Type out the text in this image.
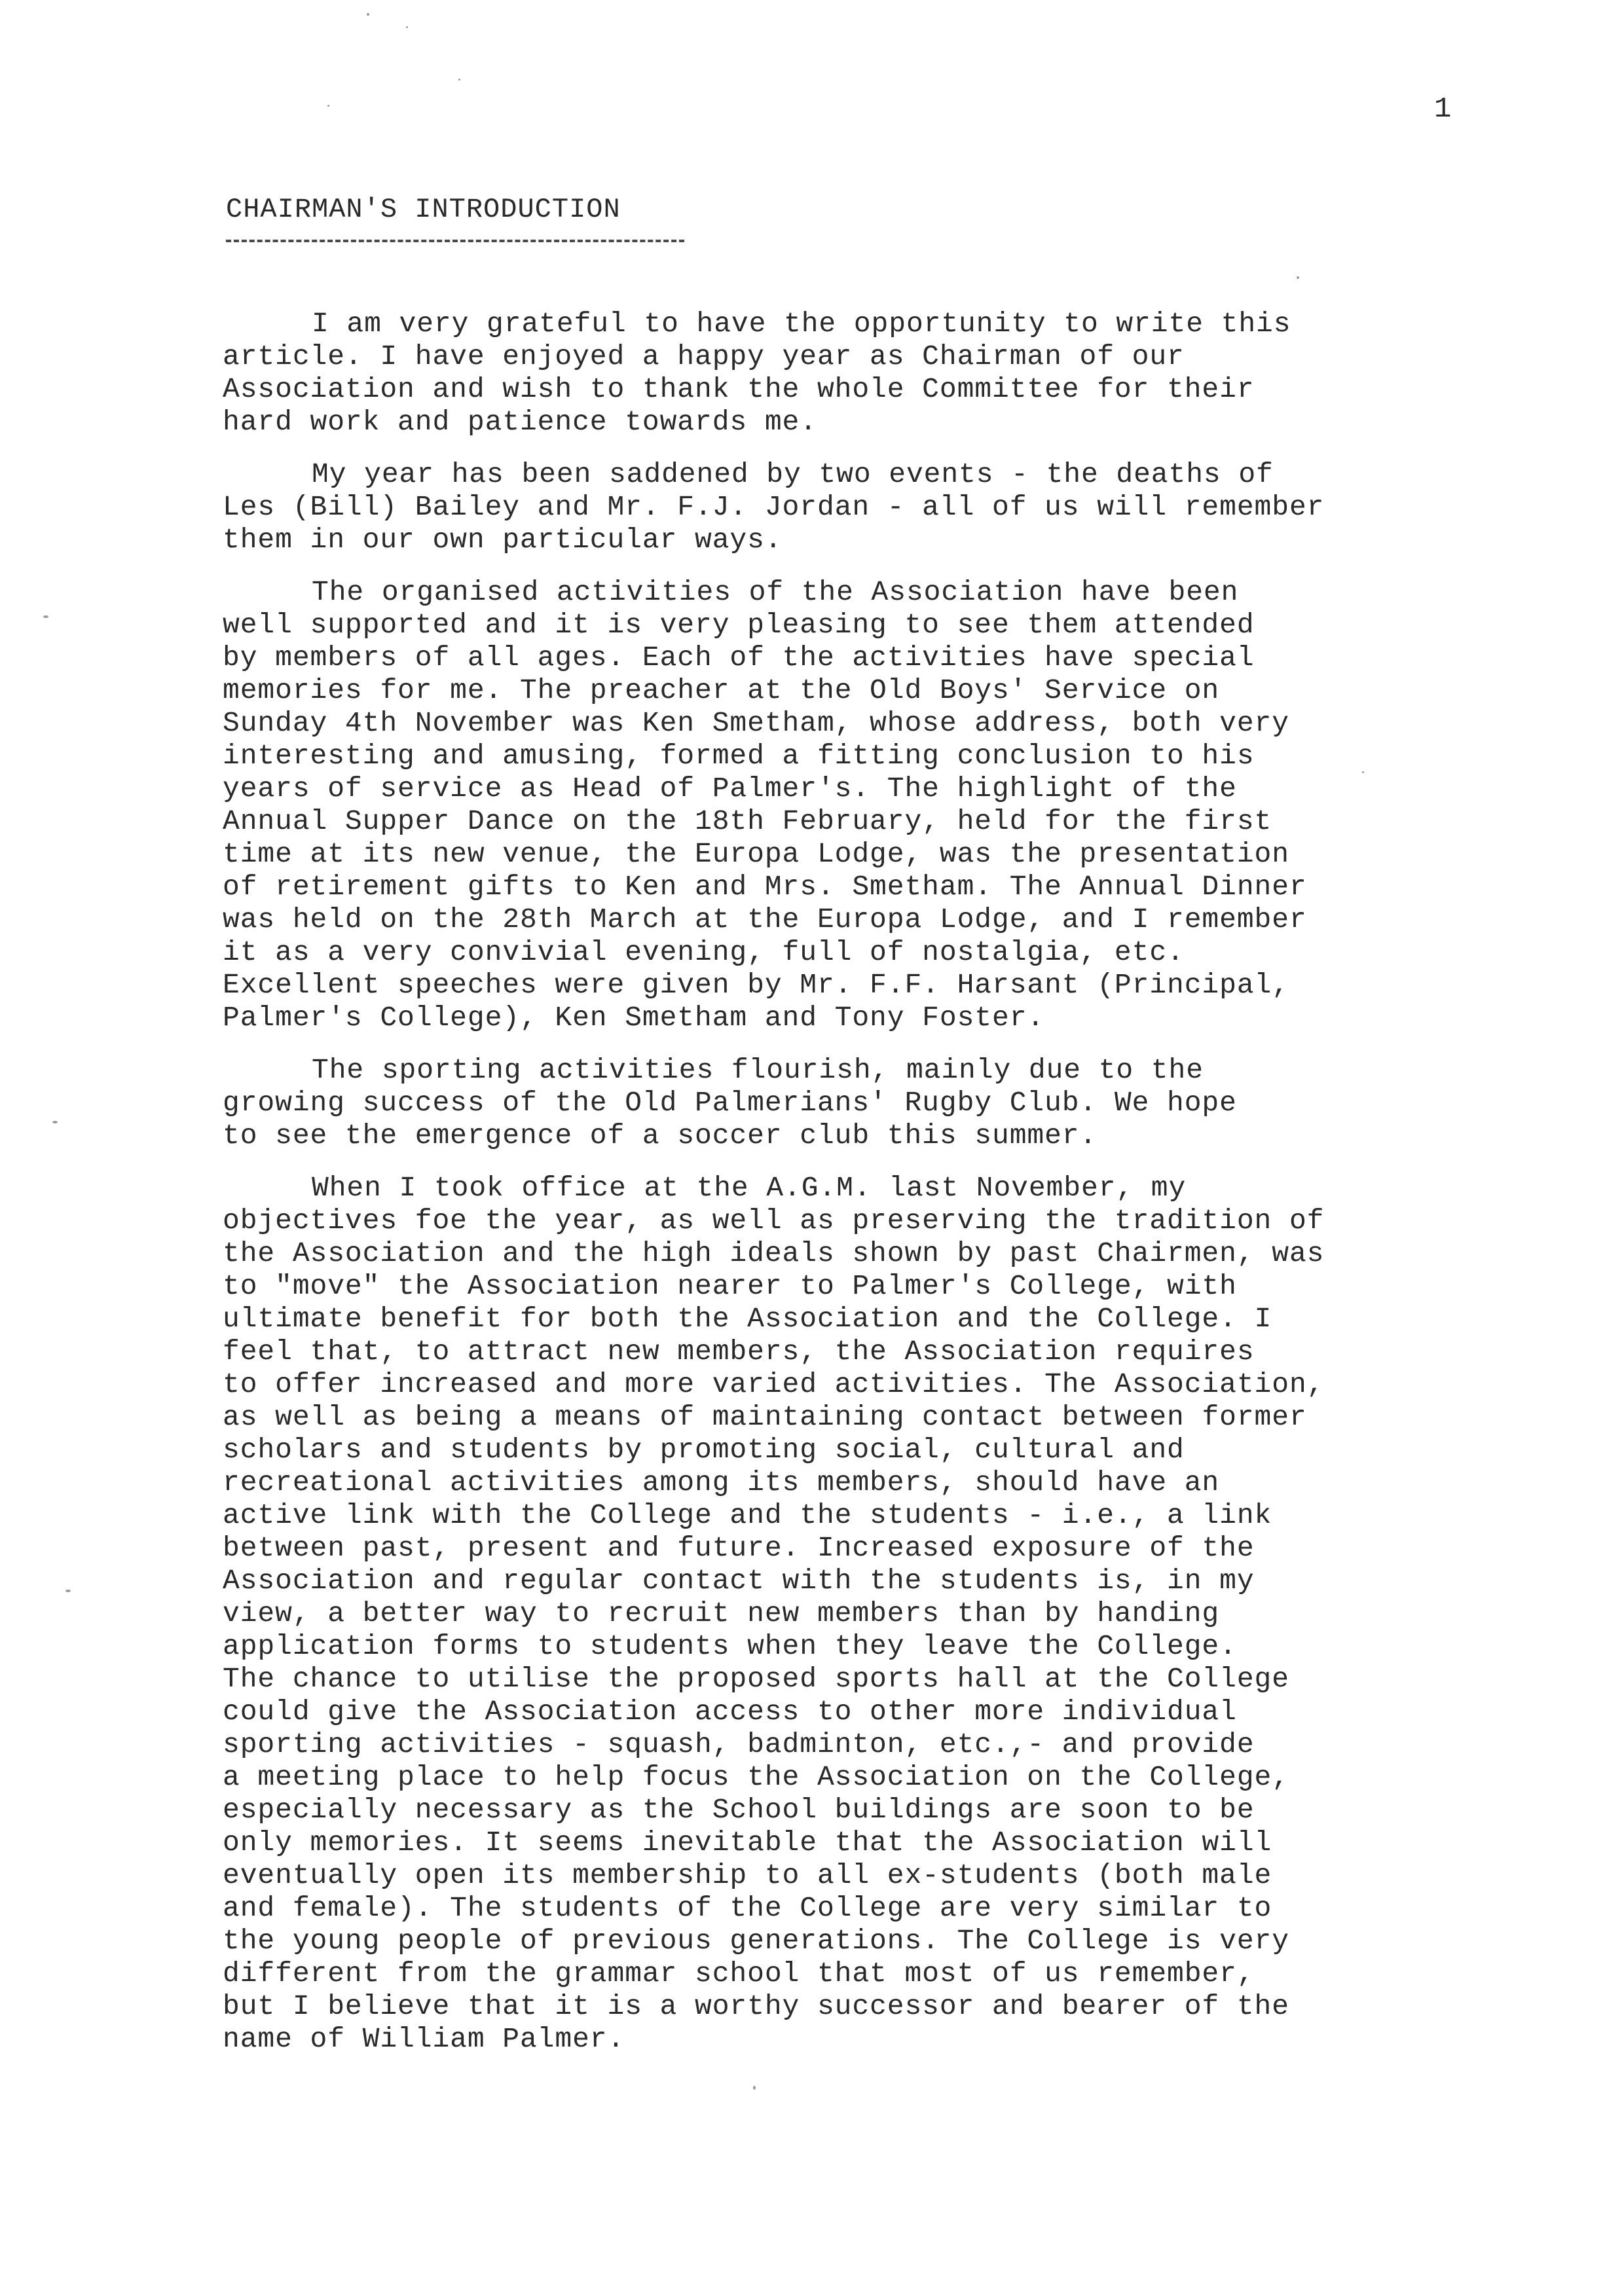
1
CHAIRMAN'S INTRODUCTION
I am very grateful to have the opportunity to write this
article. I have enjoyed a happy year as Chairman of our
Association and wish to thank the whole Committee for their
hard work and patience towards me.
My year has been saddened by two events - the deaths of
Les (Bill) Bailey and Mr. F.J. Jordan - all of us will remember
them in our own particular ways.
The organised activities of the Association have been
well supported and it is very pleasing to see them attended
by members of all ages. Each of the activities have special
memories for me. The preacher at the Old Boys' Service on
Sunday 4th November was Ken Smetham, whose address, both very
interesting and amusing, formed a fitting conclusion to his
years of service as Head of Palmer's. The highlight of the
Annual Supper Dance on the 18th February, held for the first
time at its new venue, the Europa Lodge, was the presentation
of retirement gifts to Ken and Mrs. Smetham. The Annual Dinner
was held on the 28th March at the Europa Lodge, and I remember
it as a very convivial evening, full of nostalgia, etc.
Excellent speeches were given by Mr. F.F. Harsant (Principal,
Palmer's College), Ken Smetham and Tony Foster.
The sporting activities flourish, mainly due to the
growing success of the Old Palmerians' Rugby Club. We hope
to see the emergence of a soccer club this summer.
When I took office at the A.G.M. last November, my
objectives foe the year, as well as preserving the tradition of
the Association and the high ideals shown by past Chairmen, was
to "move" the Association nearer to Palmer's College, with
ultimate benefit for both the Association and the College. I
feel that, to attract new members, the Association requires
to offer increased and more varied activities. The Association,
as well as being a means of maintaining contact between former
scholars and students by promoting social, cultural and
recreational activities among its members, should have an
active link with the College and the students - i.e., a link
between past, present and future. Increased exposure of the
Association and regular contact with the students is, in my
view, a better way to recruit new members than by handing
application forms to students when they leave the College.
The chance to utilise the proposed sports hall at the College
could give the Association access to other more individual
sporting activities - squash, badminton, etc.,- and provide
a meeting place to help focus the Association on the College,
especially necessary as the School buildings are soon to be
only memories. It seems inevitable that the Association will
eventually open its membership to all ex-students (both male
and female). The students of the College are very similar to
the young people of previous generations. The College is very
different from the grammar school that most of us remember,
but I believe that it is a worthy successor and bearer of the
name of William Palmer.
